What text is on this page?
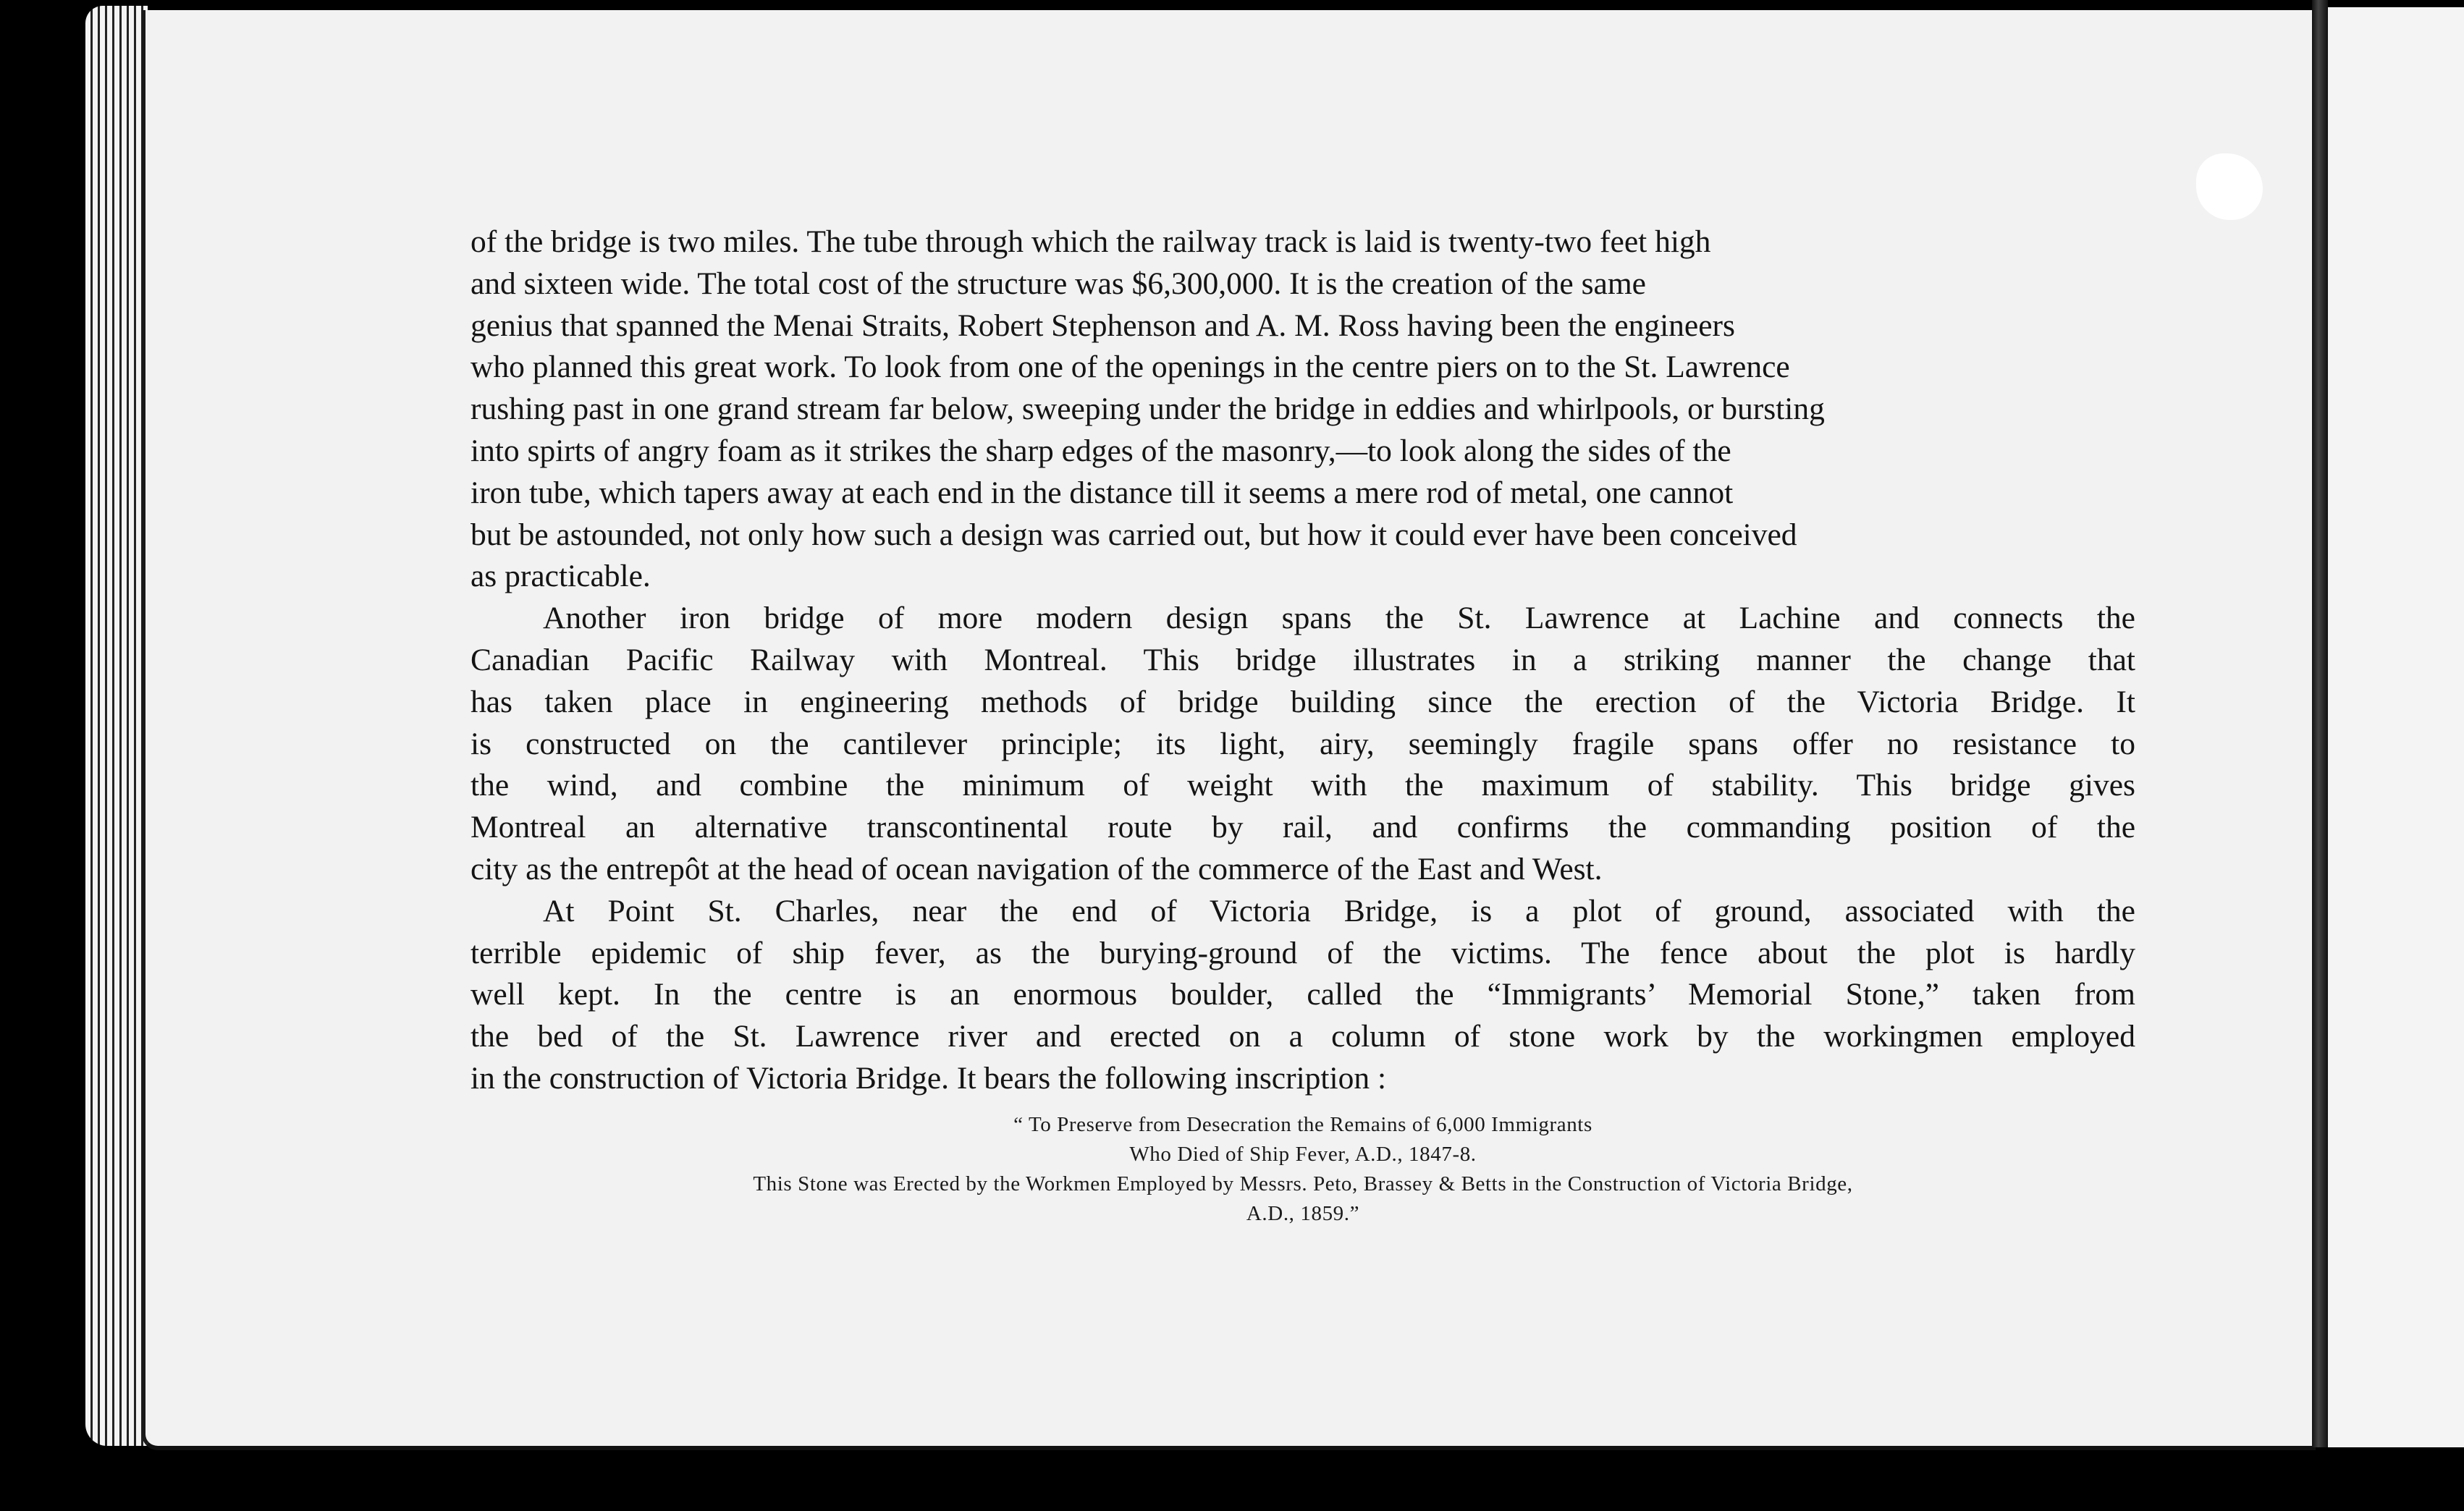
of the bridge is two miles. The tube through which the railway track is laid is twenty-two feet high
and sixteen wide. The total cost of the structure was $6,300,000. It is the creation of the same
genius that spanned the Menai Straits, Robert Stephenson and A. M. Ross having been the engineers
who planned this great work. To look from one of the openings in the centre piers on to the St. Lawrence
rushing past in one grand stream far below, sweeping under the bridge in eddies and whirlpools, or bursting
into spirts of angry foam as it strikes the sharp edges of the masonry,—to look along the sides of the
iron tube, which tapers away at each end in the distance till it seems a mere rod of metal, one cannot
but be astounded, not only how such a design was carried out, but how it could ever have been conceived
as practicable.

Another iron bridge of more modern design spans the St. Lawrence at Lachine and connects the
Canadian Pacific Railway with Montreal. This bridge illustrates in a striking manner the change that
has taken place in engineering methods of bridge building since the erection of the Victoria Bridge. It
is constructed on the cantilever principle; its light, airy, seemingly fragile spans offer no resistance to
the wind, and combine the minimum of weight with the maximum of stability. This bridge gives
Montreal an alternative transcontinental route by rail, and confirms the commanding position of the
city as the entrepôt at the head of ocean navigation of the commerce of the East and West.

At Point St. Charles, near the end of Victoria Bridge, is a plot of ground, associated with the
terrible epidemic of ship fever, as the burying-ground of the victims. The fence about the plot is hardly
well kept. In the centre is an enormous boulder, called the “Immigrants’ Memorial Stone,” taken from
the bed of the St. Lawrence river and erected on a column of stone work by the workingmen employed
in the construction of Victoria Bridge. It bears the following inscription :

“ To Preserve from Desecration the Remains of 6,000 Immigrants
Who Died of Ship Fever, A.D., 1847-8.
This Stone was Erected by the Workmen Employed by Messrs. Peto, Brassey & Betts in the Construction of Victoria Bridge,
A.D., 1859.”
